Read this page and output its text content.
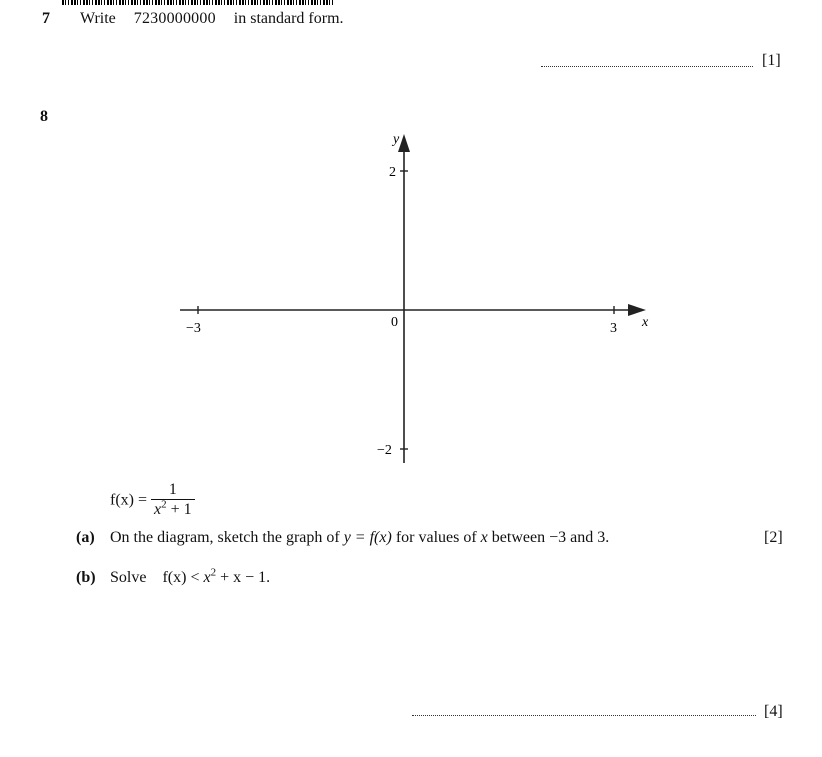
7 Write 7230000000 in standard form.
[1]
8
y
x
2
−2
−3	3
0
$f(x) = \frac{1}{x^2 + 1}$
(a) On the diagram, sketch the graph of y = f(x) for values of x between −3 and 3.	[2]
(b) Solve $f(x) < x^2 + x - 1$.
[4]
